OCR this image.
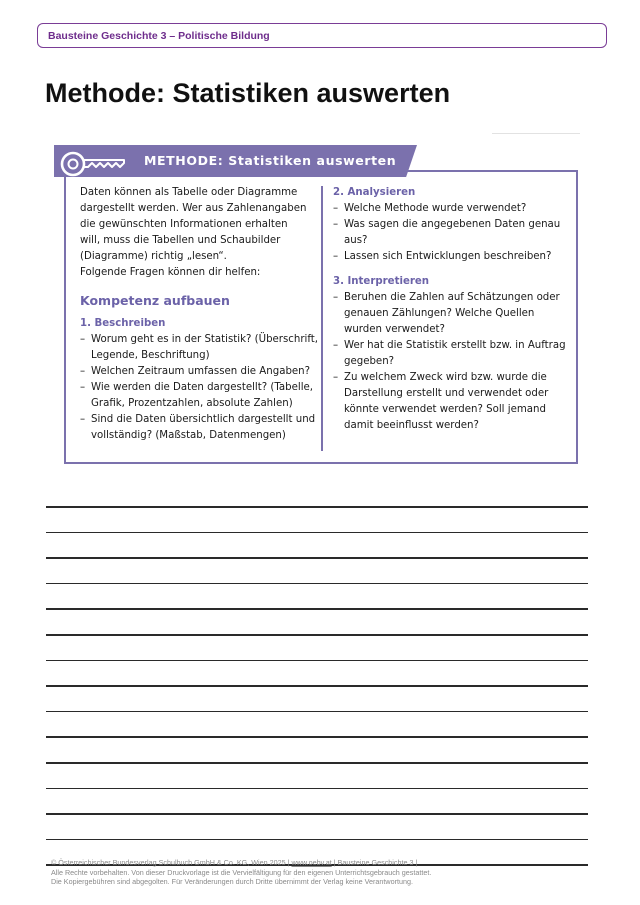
Bausteine Geschichte 3 – Politische Bildung
Methode: Statistiken auswerten
METHODE: Statistiken auswerten
Daten können als Tabelle oder Diagramme
dargestellt werden. Wer aus Zahlenangaben
die gewünschten Informationen erhalten
will, muss die Tabellen und Schaubilder
(Diagramme) richtig „lesen“.
Folgende Fragen können dir helfen:
Kompetenz aufbauen
1. Beschreiben
– Worum geht es in der Statistik? (Überschrift,
Legende, Beschriftung)
– Welchen Zeitraum umfassen die Angaben?
– Wie werden die Daten dargestellt? (Tabelle,
Grafik, Prozentzahlen, absolute Zahlen)
– Sind die Daten übersichtlich dargestellt und
vollständig? (Maßstab, Datenmengen)
2. Analysieren
– Welche Methode wurde verwendet?
– Was sagen die angegebenen Daten genau
aus?
– Lassen sich Entwicklungen beschreiben?
3. Interpretieren
– Beruhen die Zahlen auf Schätzungen oder
genauen Zählungen? Welche Quellen
wurden verwendet?
– Wer hat die Statistik erstellt bzw. in Auftrag
gegeben?
– Zu welchem Zweck wird bzw. wurde die
Darstellung erstellt und verwendet oder
könnte verwendet werden? Soll jemand
damit beeinflusst werden?
© Österreichischer Bundesverlag Schulbuch GmbH & Co. KG, Wien 2025 | www.oebv.at | Bausteine Geschichte 3 |
Alle Rechte vorbehalten. Von dieser Druckvorlage ist die Vervielfältigung für den eigenen Unterrichtsgebrauch gestattet.
Die Kopiergebühren sind abgegolten. Für Veränderungen durch Dritte übernimmt der Verlag keine Verantwortung.
